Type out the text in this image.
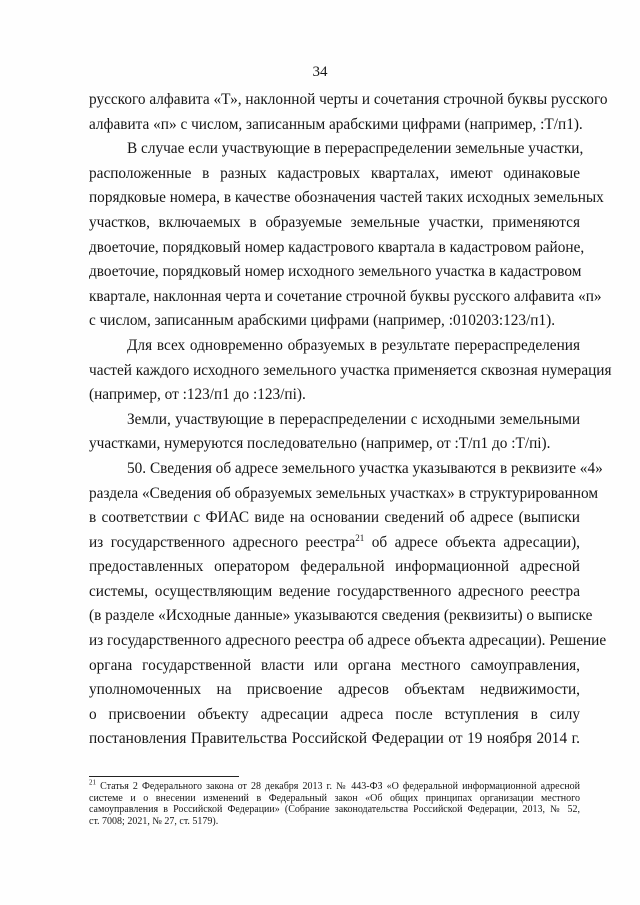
34
русского алфавита «Т», наклонной черты и сочетания строчной буквы русского
алфавита «п» с числом, записанным арабскими цифрами (например, :Т/п1).
В случае если участвующие в перераспределении земельные участки,
расположенные в разных кадастровых кварталах, имеют одинаковые
порядковые номера, в качестве обозначения частей таких исходных земельных
участков, включаемых в образуемые земельные участки, применяются
двоеточие, порядковый номер кадастрового квартала в кадастровом районе,
двоеточие, порядковый номер исходного земельного участка в кадастровом
квартале, наклонная черта и сочетание строчной буквы русского алфавита «п»
с числом, записанным арабскими цифрами (например, :010203:123/п1).
Для всех одновременно образуемых в результате перераспределения
частей каждого исходного земельного участка применяется сквозная нумерация
(например, от :123/п1 до :123/пi).
Земли, участвующие в перераспределении с исходными земельными
участками, нумеруются последовательно (например, от :Т/п1 до :Т/пi).
50. Сведения об адресе земельного участка указываются в реквизите «4»
раздела «Сведения об образуемых земельных участках» в структурированном
в соответствии с ФИАС виде на основании сведений об адресе (выписки
из государственного адресного реестра$^{21}$ об адресе объекта адресации),
предоставленных оператором федеральной информационной адресной
системы, осуществляющим ведение государственного адресного реестра
(в разделе «Исходные данные» указываются сведения (реквизиты) о выписке
из государственного адресного реестра об адресе объекта адресации). Решение
органа государственной власти или органа местного самоуправления,
уполномоченных на присвоение адресов объектам недвижимости,
о присвоении объекту адресации адреса после вступления в силу
постановления Правительства Российской Федерации от 19 ноября 2014 г.
$^{21}$ Статья 2 Федерального закона от 28 декабря 2013 г. № 443-ФЗ «О федеральной информационной адресной
системе и о внесении изменений в Федеральный закон «Об общих принципах организации местного
самоуправления в Российской Федерации» (Собрание законодательства Российской Федерации, 2013, № 52,
ст. 7008; 2021, № 27, ст. 5179).
